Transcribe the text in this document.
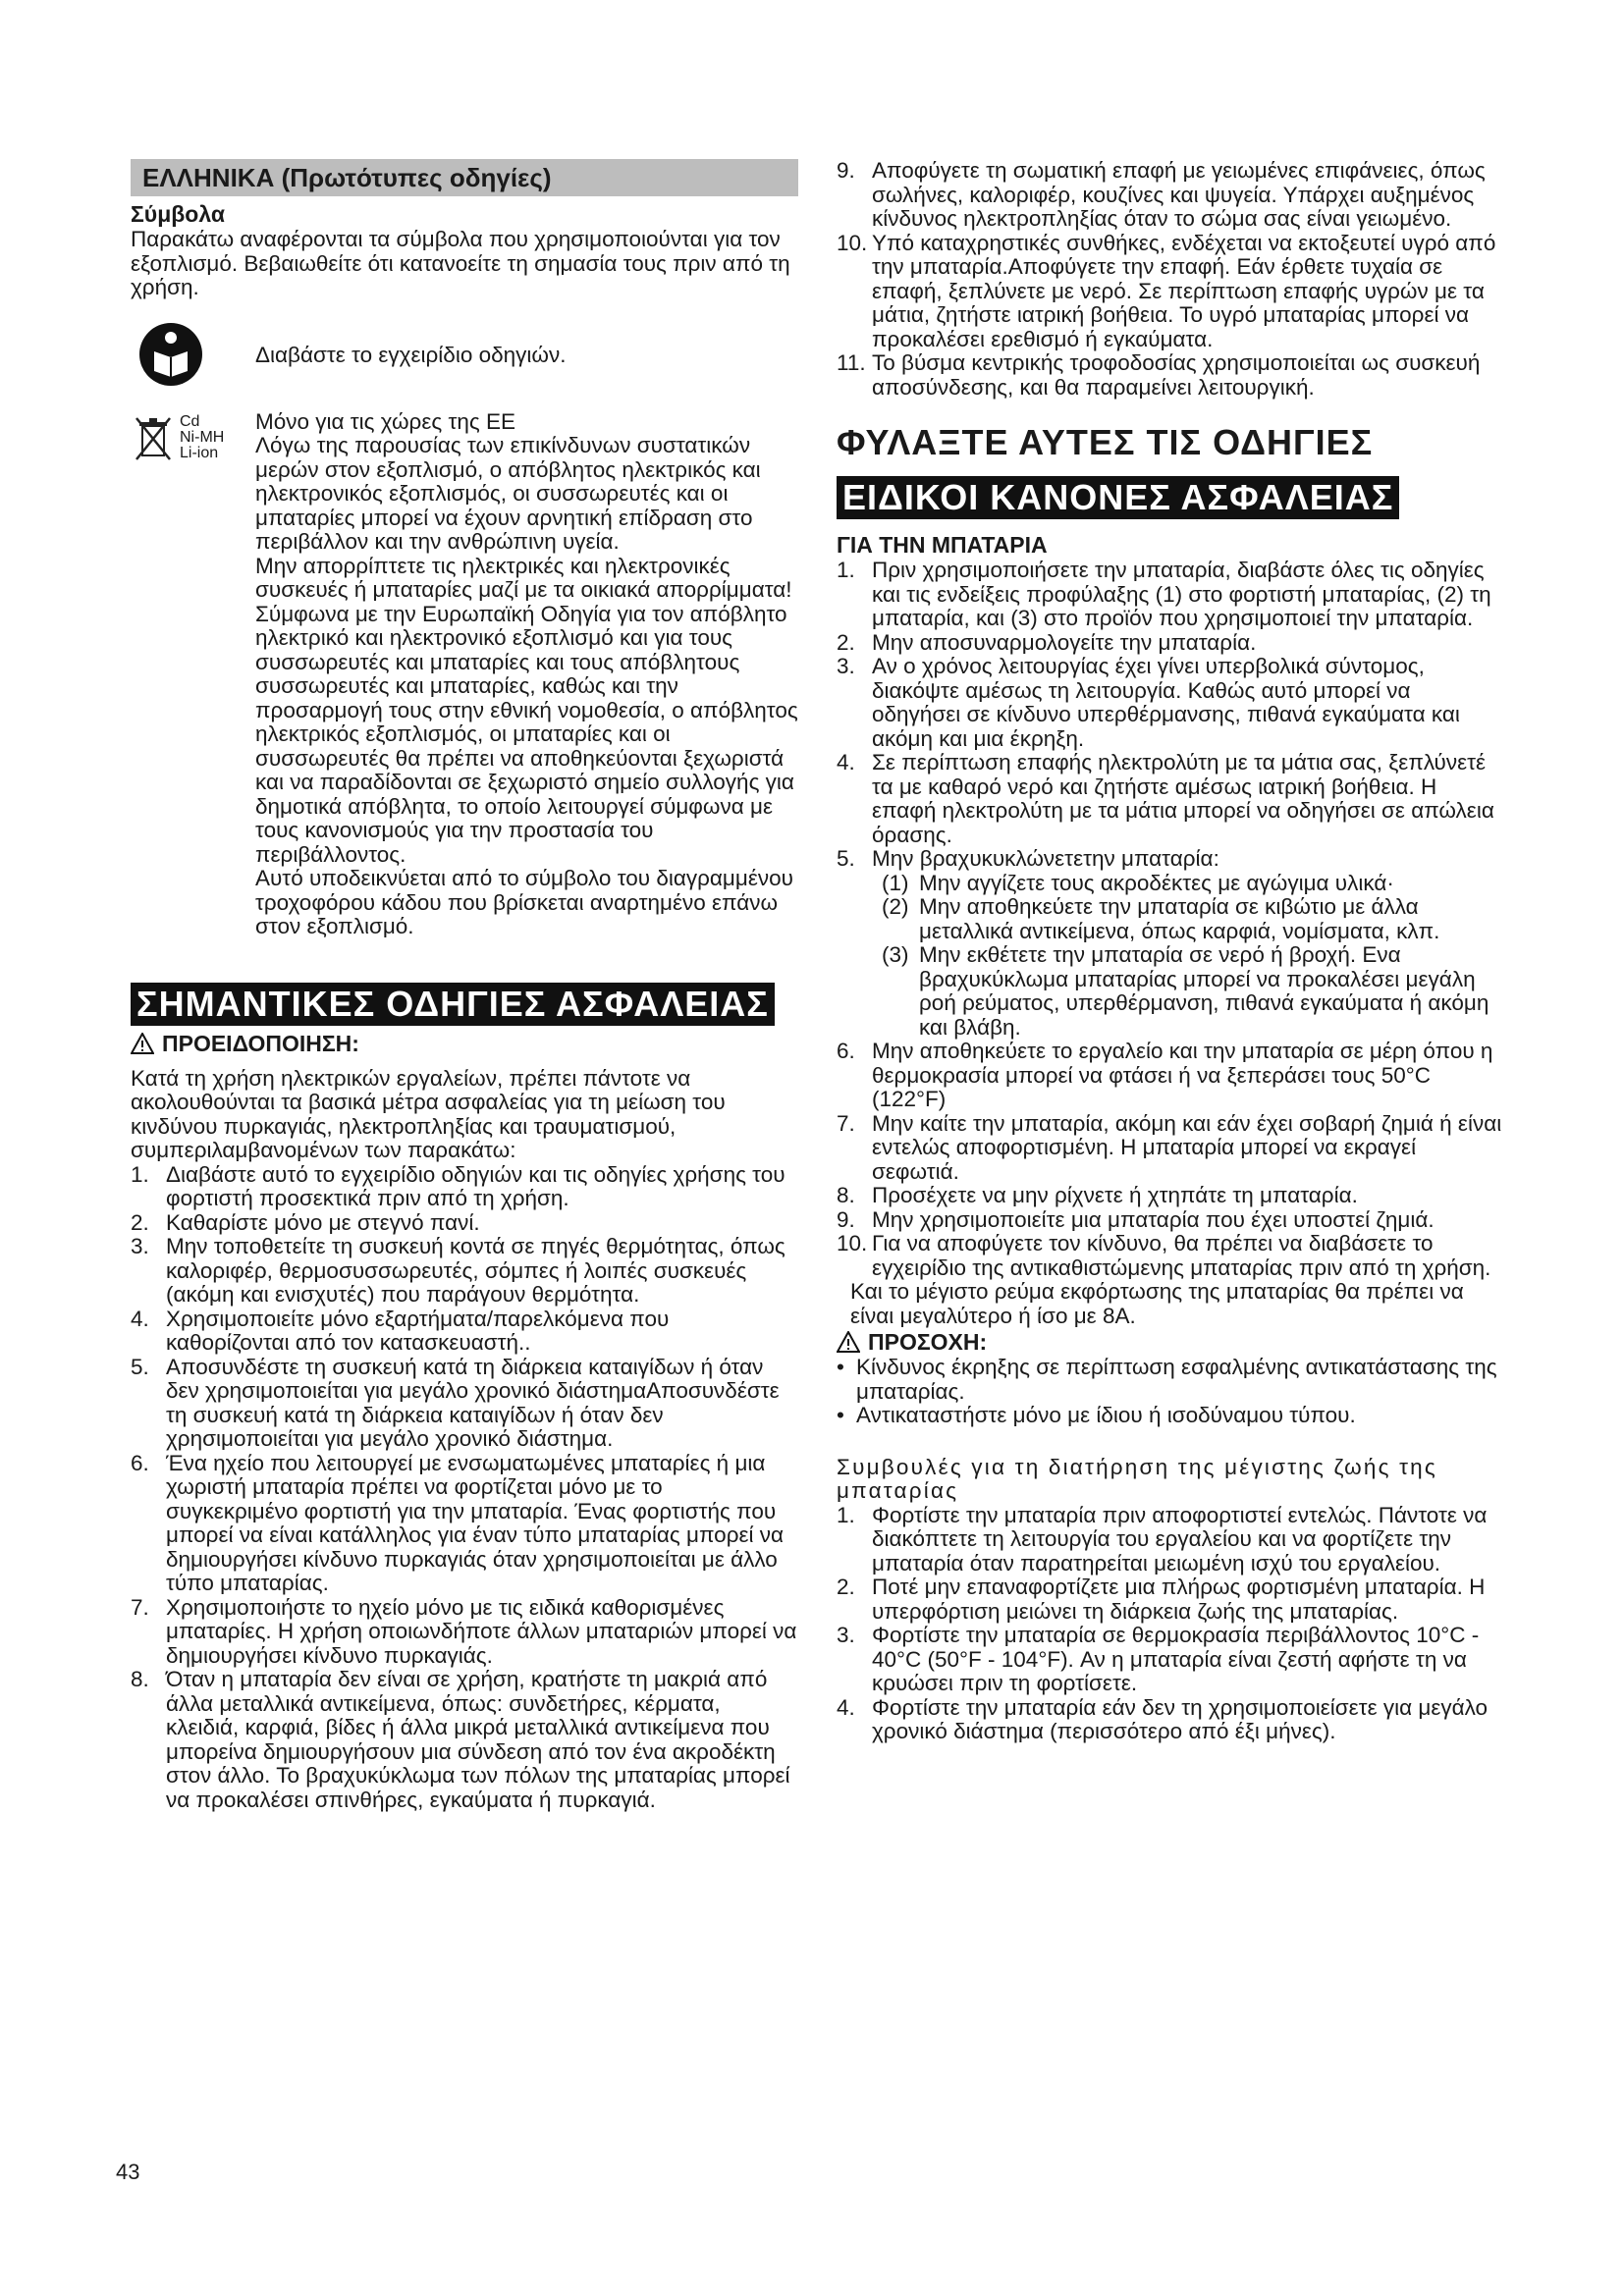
ΕΛΛΗΝΙΚΑ (Πρωτότυπες οδηγίες)
Σύμβολα
Παρακάτω αναφέρονται τα σύμβολα που χρησιμοποιούνται για τον εξοπλισμό. Βεβαιωθείτε ότι κατανοείτε τη σημασία τους πριν από τη χρήση.
Διαβάστε το εγχειρίδιο οδηγιών.
Cd
Ni-MH
Li-ion
Μόνο για τις χώρες της ΕΕ
Λόγω της παρουσίας των επικίνδυνων συστατικών μερών στον εξοπλισμό, ο απόβλητος ηλεκτρικός και ηλεκτρονικός εξοπλισμός, οι συσσωρευτές και οι μπαταρίες μπορεί να έχουν αρνητική επίδραση στο περιβάλλον και την ανθρώπινη υγεία.
Μην απορρίπτετε τις ηλεκτρικές και ηλεκτρονικές συσκευές ή μπαταρίες μαζί με τα οικιακά απορρίμματα!
Σύμφωνα με την Ευρωπαϊκή Οδηγία για τον απόβλητο ηλεκτρικό και ηλεκτρονικό εξοπλισμό και για τους συσσωρευτές και μπαταρίες και τους απόβλητους συσσωρευτές και μπαταρίες, καθώς και την προσαρμογή τους στην εθνική νομοθεσία, ο απόβλητος ηλεκτρικός εξοπλισμός, οι μπαταρίες και οι συσσωρευτές θα πρέπει να αποθηκεύονται ξεχωριστά και να παραδίδονται σε ξεχωριστό σημείο συλλογής για δημοτικά απόβλητα, το οποίο λειτουργεί σύμφωνα με τους κανονισμούς για την προστασία του περιβάλλοντος.
Αυτό υποδεικνύεται από το σύμβολο του διαγραμμένου τροχοφόρου κάδου που βρίσκεται αναρτημένο επάνω στον εξοπλισμό.
ΣΗΜΑΝΤΙΚΕΣ ΟΔΗΓΙΕΣ ΑΣΦΑΛΕΙΑΣ
ΠΡΟΕΙΔΟΠΟΙΗΣΗ:
Κατά τη χρήση ηλεκτρικών εργαλείων, πρέπει πάντοτε να ακολουθούνται τα βασικά μέτρα ασφαλείας για τη μείωση του κινδύνου πυρκαγιάς, ηλεκτροπληξίας και τραυματισμού, συμπεριλαμβανομένων των παρακάτω:
1. Διαβάστε αυτό το εγχειρίδιο οδηγιών και τις οδηγίες χρήσης του φορτιστή προσεκτικά πριν από τη χρήση.
2. Καθαρίστε μόνο με στεγνό πανί.
3. Μην τοποθετείτε τη συσκευή κοντά σε πηγές θερμότητας, όπως καλοριφέρ, θερμοσυσσωρευτές, σόμπες ή λοιπές συσκευές (ακόμη και ενισχυτές) που παράγουν θερμότητα.
4. Χρησιμοποιείτε μόνο εξαρτήματα/παρελκόμενα που καθορίζονται από τον κατασκευαστή..
5. Αποσυνδέστε τη συσκευή κατά τη διάρκεια καταιγίδων ή όταν δεν χρησιμοποιείται για μεγάλο χρονικό διάστημαΑποσυνδέστε τη συσκευή κατά τη διάρκεια καταιγίδων ή όταν δεν χρησιμοποιείται για μεγάλο χρονικό διάστημα.
6. Ένα ηχείο που λειτουργεί με ενσωματωμένες μπαταρίες ή μια χωριστή μπαταρία πρέπει να φορτίζεται μόνο με το συγκεκριμένο φορτιστή για την μπαταρία. Ένας φορτιστής που μπορεί να είναι κατάλληλος για έναν τύπο μπαταρίας μπορεί να δημιουργήσει κίνδυνο πυρκαγιάς όταν χρησιμοποιείται με άλλο τύπο μπαταρίας.
7. Χρησιμοποιήστε το ηχείο μόνο με τις ειδικά καθορισμένες μπαταρίες. Η χρήση οποιωνδήποτε άλλων μπαταριών μπορεί να δημιουργήσει κίνδυνο πυρκαγιάς.
8. Όταν η μπαταρία δεν είναι σε χρήση, κρατήστε τη μακριά από άλλα μεταλλικά αντικείμενα, όπως: συνδετήρες, κέρματα, κλειδιά, καρφιά, βίδες ή άλλα μικρά μεταλλικά αντικείμενα που μπορείνα δημιουργήσουν μια σύνδεση από τον ένα ακροδέκτη στον άλλο. Το βραχυκύκλωμα των πόλων της μπαταρίας μπορεί να προκαλέσει σπινθήρες, εγκαύματα ή πυρκαγιά.
9. Αποφύγετε τη σωματική επαφή με γειωμένες επιφάνειες, όπως σωλήνες, καλοριφέρ, κουζίνες και ψυγεία. Υπάρχει αυξημένος κίνδυνος ηλεκτροπληξίας όταν το σώμα σας είναι γειωμένο.
10. Υπό καταχρηστικές συνθήκες, ενδέχεται να εκτοξευτεί υγρό από την μπαταρία.Αποφύγετε την επαφή. Εάν έρθετε τυχαία σε επαφή, ξεπλύνετε με νερό. Σε περίπτωση επαφής υγρών με τα μάτια, ζητήστε ιατρική βοήθεια. Το υγρό μπαταρίας μπορεί να προκαλέσει ερεθισμό ή εγκαύματα.
11. Το βύσμα κεντρικής τροφοδοσίας χρησιμοποιείται ως συσκευή αποσύνδεσης, και θα παραμείνει λειτουργική.
ΦΥΛΑΞΤΕ ΑΥΤΕΣ ΤΙΣ ΟΔΗΓΙΕΣ
ΕΙΔΙΚΟΙ ΚΑΝΟΝΕΣ ΑΣΦΑΛΕΙΑΣ
ΓΙΑ ΤΗΝ ΜΠΑΤΑΡΙΑ
1. Πριν χρησιμοποιήσετε την μπαταρία, διαβάστε όλες τις οδηγίες και τις ενδείξεις προφύλαξης (1) στο φορτιστή μπαταρίας, (2) τη μπαταρία, και (3) στο προϊόν που χρησιμοποιεί την μπαταρία.
2. Μην αποσυναρμολογείτε την μπαταρία.
3. Αν ο χρόνος λειτουργίας έχει γίνει υπερβολικά σύντομος, διακόψτε αμέσως τη λειτουργία. Καθώς αυτό μπορεί να οδηγήσει σε κίνδυνο υπερθέρμανσης, πιθανά εγκαύματα και ακόμη και μια έκρηξη.
4. Σε περίπτωση επαφής ηλεκτρολύτη με τα μάτια σας, ξεπλύνετέ τα με καθαρό νερό και ζητήστε αμέσως ιατρική βοήθεια. Η επαφή ηλεκτρολύτη με τα μάτια μπορεί να οδηγήσει σε απώλεια όρασης.
5. Μην βραχυκυκλώνετετην μπαταρία:
(1) Μην αγγίζετε τους ακροδέκτες με αγώγιμα υλικά·
(2) Μην αποθηκεύετε την μπαταρία σε κιβώτιο με άλλα μεταλλικά αντικείμενα, όπως καρφιά, νομίσματα, κλπ.
(3) Μην εκθέτετε την μπαταρία σε νερό ή βροχή. Ενα βραχυκύκλωμα μπαταρίας μπορεί να προκαλέσει μεγάλη ροή ρεύματος, υπερθέρμανση, πιθανά εγκαύματα ή ακόμη και βλάβη.
6. Μην αποθηκεύετε το εργαλείο και την μπαταρία σε μέρη όπου η θερμοκρασία μπορεί να φτάσει ή να ξεπεράσει τους 50°C (122°F)
7. Μην καίτε την μπαταρία, ακόμη και εάν έχει σοβαρή ζημιά ή είναι εντελώς αποφορτισμένη. Η μπαταρία μπορεί να εκραγεί σεφωτιά.
8. Προσέχετε να μην ρίχνετε ή χτηπάτε τη μπαταρία.
9. Μην χρησιμοποιείτε μια μπαταρία που έχει υποστεί ζημιά.
10. Για να αποφύγετε τον κίνδυνο, θα πρέπει να διαβάσετε το εγχειρίδιο της αντικαθιστώμενης μπαταρίας πριν από τη χρήση.
Και το μέγιστο ρεύμα εκφόρτωσης της μπαταρίας θα πρέπει να είναι μεγαλύτερο ή ίσο με 8Α.
ΠΡΟΣΟΧΗ:
• Κίνδυνος έκρηξης σε περίπτωση εσφαλμένης αντικατάστασης της μπαταρίας.
• Αντικαταστήστε μόνο με ίδιου ή ισοδύναμου τύπου.
Συμβουλές για τη διατήρηση της μέγιστης ζωής της μπαταρίας
1. Φορτίστε την μπαταρία πριν αποφορτιστεί εντελώς. Πάντοτε να διακόπτετε τη λειτουργία του εργαλείου και να φορτίζετε την μπαταρία όταν παρατηρείται μειωμένη ισχύ του εργαλείου.
2. Ποτέ μην επαναφορτίζετε μια πλήρως φορτισμένη μπαταρία. Η υπερφόρτιση μειώνει τη διάρκεια ζωής της μπαταρίας.
3. Φορτίστε την μπαταρία σε θερμοκρασία περιβάλλοντος 10°C - 40°C (50°F - 104°F). Αν η μπαταρία είναι ζεστή αφήστε τη να κρυώσει πριν τη φορτίσετε.
4. Φορτίστε την μπαταρία εάν δεν τη χρησιμοποιείσετε για μεγάλο χρονικό διάστημα (περισσότερο από έξι μήνες).
43
